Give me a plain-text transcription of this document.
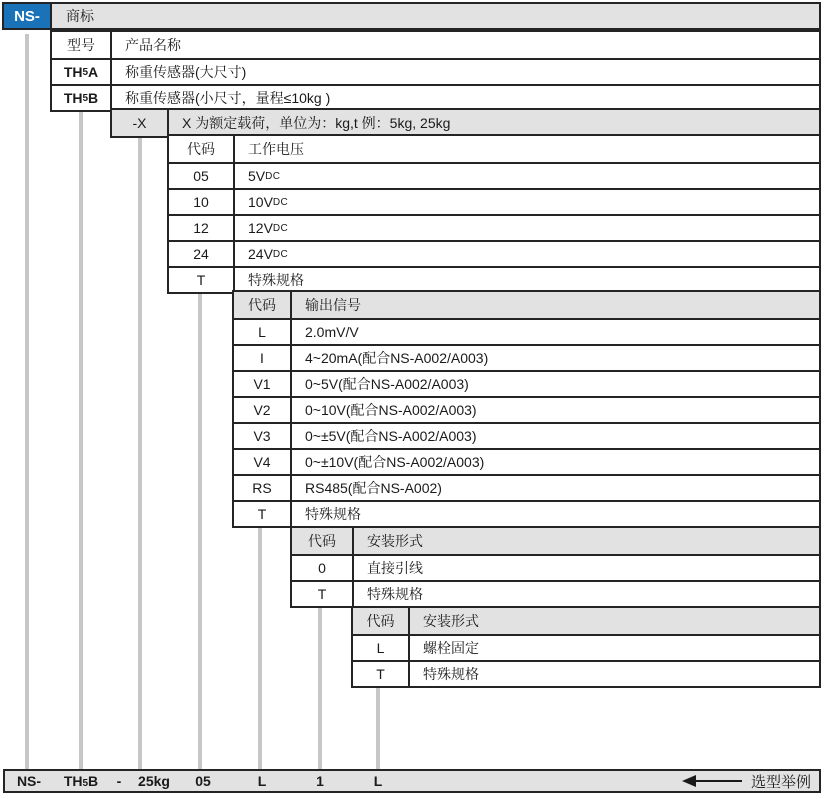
NS- 商标
型号	产品名称
TH 5 A	称重传感器(大尺寸)
TH 5 B	称重传感器(小尺寸，量程≤10kg )
-X	X 为额定载荷，单位为：kg,t 例：5kg, 25kg
代码	工作电压
05	5V DC
10	10V DC
12	12V DC
24	24V DC
T	特殊规格
代码	输出信号
L	2.0mV/V
I	4~20mA(配合NS-A002/A003)
V1	0~5V(配合NS-A002/A003)
V2	0~10V(配合NS-A002/A003)
V3	0~±5V(配合NS-A002/A003)
V4	0~±10V(配合NS-A002/A003)
RS	RS485(配合NS-A002)
T	特殊规格
代码	安装形式
0	直接引线
T	特殊规格
代码	安装形式
L	螺栓固定
T	特殊规格
NS- TH 5 B - 25kg 05	L	1	L	选型举例
